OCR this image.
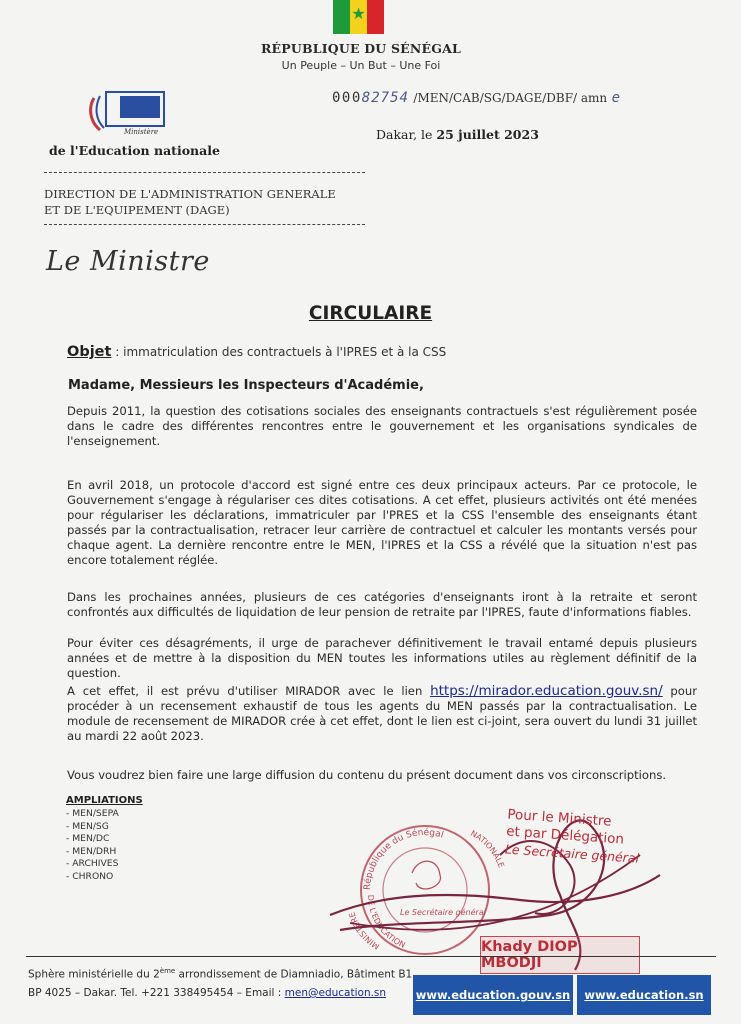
★
RÉPUBLIQUE DU SÉNÉGAL
Un Peuple – Un But – Une Foi
Ministère
de l'Education nationale
00082754 /MEN/CAB/SG/DAGE/DBF/ amn e
Dakar, le 25 juillet 2023
DIRECTION DE L'ADMINISTRATION GENERALE
ET DE L'EQUIPEMENT (DAGE)
Le Ministre
CIRCULAIRE
Objet : immatriculation des contractuels à l'IPRES et à la CSS
Madame, Messieurs les Inspecteurs d'Académie,

Depuis 2011, la question des cotisations sociales des enseignants contractuels s'est régulièrement posée dans le cadre des différentes rencontres entre le gouvernement et les organisations syndicales de l'enseignement.

En avril 2018, un protocole d'accord est signé entre ces deux principaux acteurs. Par ce protocole, le Gouvernement s'engage à régulariser ces dites cotisations. A cet effet, plusieurs activités ont été menées pour régulariser les déclarations, immatriculer par l'PRES et la CSS l'ensemble des enseignants étant passés par la contractualisation, retracer leur carrière de contractuel et calculer les montants versés pour chaque agent. La dernière rencontre entre le MEN, l'IPRES et la CSS a révélé que la situation n'est pas encore totalement réglée.

Dans les prochaines années, plusieurs de ces catégories d'enseignants iront à la retraite et seront confrontés aux difficultés de liquidation de leur pension de retraite par l'IPRES, faute d'informations fiables.

Pour éviter ces désagréments, il urge de parachever définitivement le travail entamé depuis plusieurs années et de mettre à la disposition du MEN toutes les informations utiles au règlement définitif de la question.

A cet effet, il est prévu d'utiliser MIRADOR avec le lien https://mirador.education.gouv.sn/ pour procéder à un recensement exhaustif de tous les agents du MEN passés par la contractualisation. Le module de recensement de MIRADOR crée à cet effet, dont le lien est ci-joint, sera ouvert du lundi 31 juillet au mardi 22 août 2023.

Vous voudrez bien faire une large diffusion du contenu du présent document dans vos circonscriptions.

AMPLIATIONS
- MEN/SEPA
- MEN/SG
- MEN/DC
- MEN/DRH
- ARCHIVES
- CHRONO
République du Sénégal
MINISTÈRE
DE L'EDUCATION
NATIONALE
Le Secrétaire général
Pour le Ministre
et par Délégation
Le Secrétaire général
Khady DIOP MBODJI
Sphère ministérielle du 2ème arrondissement de Diamniadio, Bâtiment B1
BP 4025 – Dakar. Tel. +221 338495454 – Email : men@education.sn	www.education.gouv.sn	www.education.sn
